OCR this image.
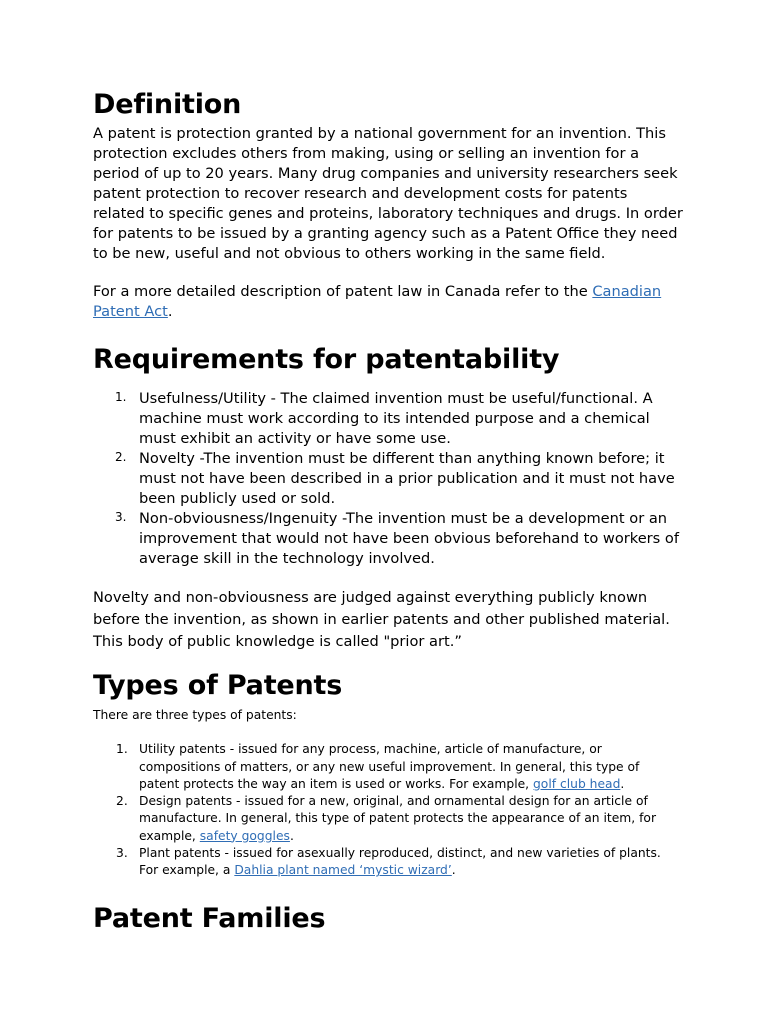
Definition

A patent is protection granted by a national government for an invention. This protection excludes others from making, using or selling an invention for a period of up to 20 years. Many drug companies and university researchers seek patent protection to recover research and development costs for patents related to specific genes and proteins, laboratory techniques and drugs. In order for patents to be issued by a granting agency such as a Patent Office they need to be new, useful and not obvious to others working in the same field.

For a more detailed description of patent law in Canada refer to the Canadian Patent Act.

Requirements for patentability
1. Usefulness/Utility - The claimed invention must be useful/functional. A machine must work according to its intended purpose and a chemical must exhibit an activity or have some use.
2. Novelty -The invention must be different than anything known before; it must not have been described in a prior publication and it must not have been publicly used or sold.
3. Non-obviousness/Ingenuity -The invention must be a development or an improvement that would not have been obvious beforehand to workers of average skill in the technology involved.

Novelty and non-obviousness are judged against everything publicly known before the invention, as shown in earlier patents and other published material. This body of public knowledge is called "prior art.”

Types of Patents

There are three types of patents:

1. Utility patents - issued for any process, machine, article of manufacture, or compositions of matters, or any new useful improvement. In general, this type of patent protects the way an item is used or works. For example, golf club head.
2. Design patents - issued for a new, original, and ornamental design for an article of manufacture. In general, this type of patent protects the appearance of an item, for example, safety goggles.
3. Plant patents - issued for asexually reproduced, distinct, and new varieties of plants. For example, a Dahlia plant named ‘mystic wizard’.
Patent Families
